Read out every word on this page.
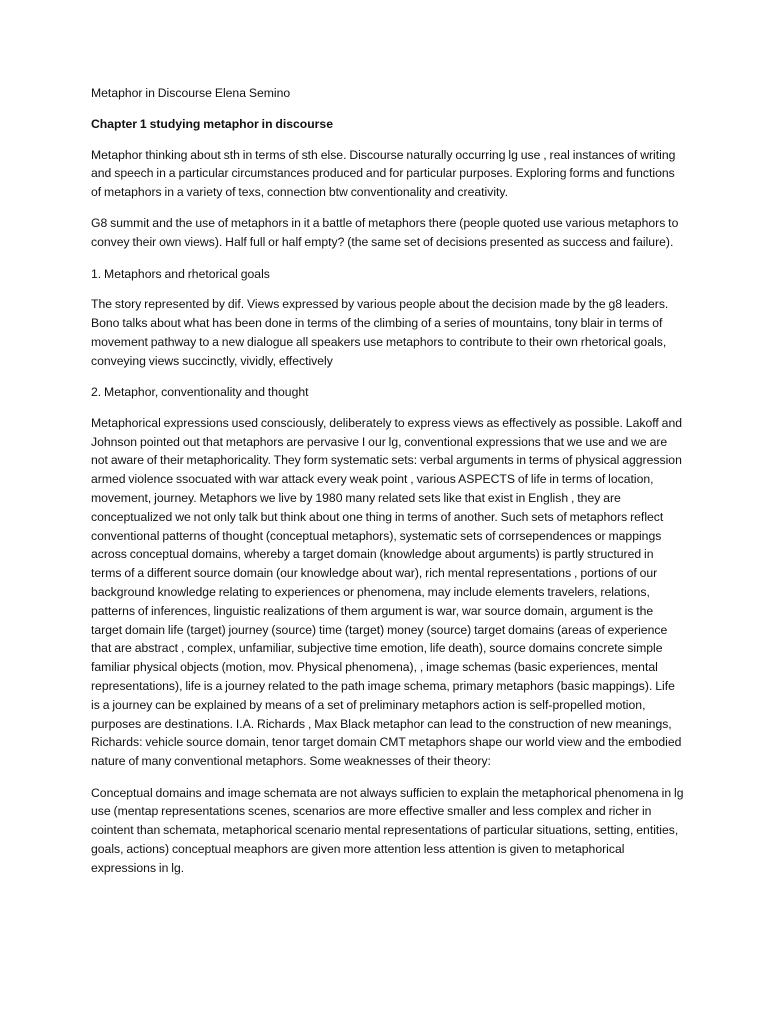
Metaphor in Discourse Elena Semino

Chapter 1 studying metaphor in discourse

Metaphor thinking about sth in terms of sth else. Discourse naturally occurring lg use , real instances of writing and speech in a particular circumstances produced and for particular purposes. Exploring forms and functions of metaphors in a variety of texs, connection btw conventionality and creativity.

G8 summit and the use of metaphors in it a battle of metaphors there (people quoted use various metaphors to convey their own views). Half full or half empty? (the same set of decisions presented as success and failure).

1. Metaphors and rhetorical goals

The story represented by dif. Views expressed by various people about the decision made by the g8 leaders. Bono talks about what has been done in terms of the climbing of a series of mountains, tony blair in terms of movement pathway to a new dialogue all speakers use metaphors to contribute to their own rhetorical goals, conveying views succinctly, vividly, effectively

2. Metaphor, conventionality and thought

Metaphorical expressions used consciously, deliberately to express views as effectively as possible. Lakoff and Johnson pointed out that metaphors are pervasive I our lg, conventional expressions that we use and we are not aware of their metaphoricality. They form systematic sets: verbal arguments in terms of physical aggression armed violence ssocuated with war attack every weak point , various ASPECTS of life in terms of location, movement, journey. Metaphors we live by 1980 many related sets like that exist in English , they are conceptualized we not only talk but think about one thing in terms of another. Such sets of metaphors reflect conventional patterns of thought (conceptual metaphors), systematic sets of corrsependences or mappings across conceptual domains, whereby a target domain (knowledge about arguments) is partly structured in terms of a different source domain (our knowledge about war), rich mental representations , portions of our background knowledge relating to experiences or phenomena, may include elements travelers, relations, patterns of inferences, linguistic realizations of them argument is war, war source domain, argument is the target domain life (target) journey (source) time (target) money (source) target domains (areas of experience that are abstract , complex, unfamiliar, subjective time emotion, life death), source domains concrete simple familiar physical objects (motion, mov. Physical phenomena), , image schemas (basic experiences, mental representations), life is a journey related to the path image schema, primary metaphors (basic mappings). Life is a journey can be explained by means of a set of preliminary metaphors action is self-propelled motion, purposes are destinations. I.A. Richards , Max Black metaphor can lead to the construction of new meanings, Richards: vehicle source domain, tenor target domain CMT metaphors shape our world view and the embodied nature of many conventional metaphors. Some weaknesses of their theory:

Conceptual domains and image schemata are not always sufficien to explain the metaphorical phenomena in lg use (mentap representations scenes, scenarios are more effective smaller and less complex and richer in cointent than schemata, metaphorical scenario mental representations of particular situations, setting, entities, goals, actions) conceptual meaphors are given more attention less attention is given to metaphorical expressions in lg.
